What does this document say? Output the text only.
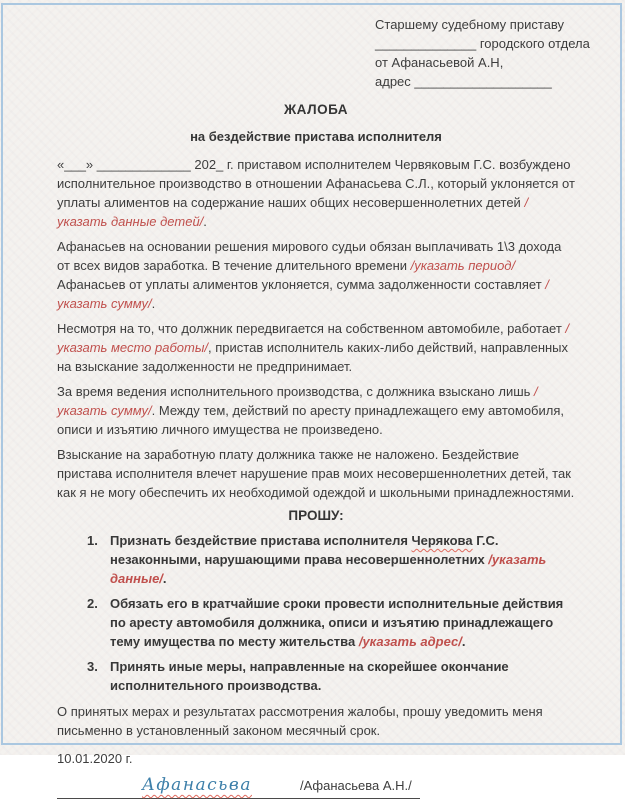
Старшему судебному приставу
______________ городского отдела
от Афанасьевой А.Н,
адрес ___________________
ЖАЛОБА
на бездействие пристава исполнителя
«___» _____________ 202_ г. приставом исполнителем Червяковым Г.С. возбуждено исполнительное производство в отношении Афанасьева С.Л., который уклоняется от уплаты алиментов на содержание наших общих несовершеннолетних детей /указать данные детей/.
Афанасьев на основании решения мирового судьи обязан выплачивать 1\3 дохода от всех видов заработка. В течение длительного времени /указать период/ Афанасьев от уплаты алиментов уклоняется, сумма задолженности составляет /указать сумму/.
Несмотря на то, что должник передвигается на собственном автомобиле, работает /указать место работы/, пристав исполнитель каких-либо действий, направленных на взыскание задолженности не предпринимает.
За время ведения исполнительного производства, с должника взыскано лишь /указать сумму/. Между тем, действий по аресту принадлежащего ему автомобиля, описи и изъятию личного имущества не произведено.
Взыскание на заработную плату должника также не наложено. Бездействие пристава исполнителя влечет нарушение прав моих несовершеннолетних детей, так как я не могу обеспечить их необходимой одеждой и школьными принадлежностями.
ПРОШУ:
1. Признать бездействие пристава исполнителя Черякова Г.С. незаконными, нарушающими права несовершеннолетних /указать данные/.
2. Обязать его в кратчайшие сроки провести исполнительные действия по аресту автомобиля должника, описи и изъятию принадлежащего тему имущества по месту жительства /указать адрес/.
3. Принять иные меры, направленные на скорейшее окончание исполнительного производства.
О принятых мерах и результатах рассмотрения жалобы, прошу уведомить меня письменно в установленный законом месячный срок.
10.01.2020 г.
Афанасьва	/Афанасьева А.Н./
